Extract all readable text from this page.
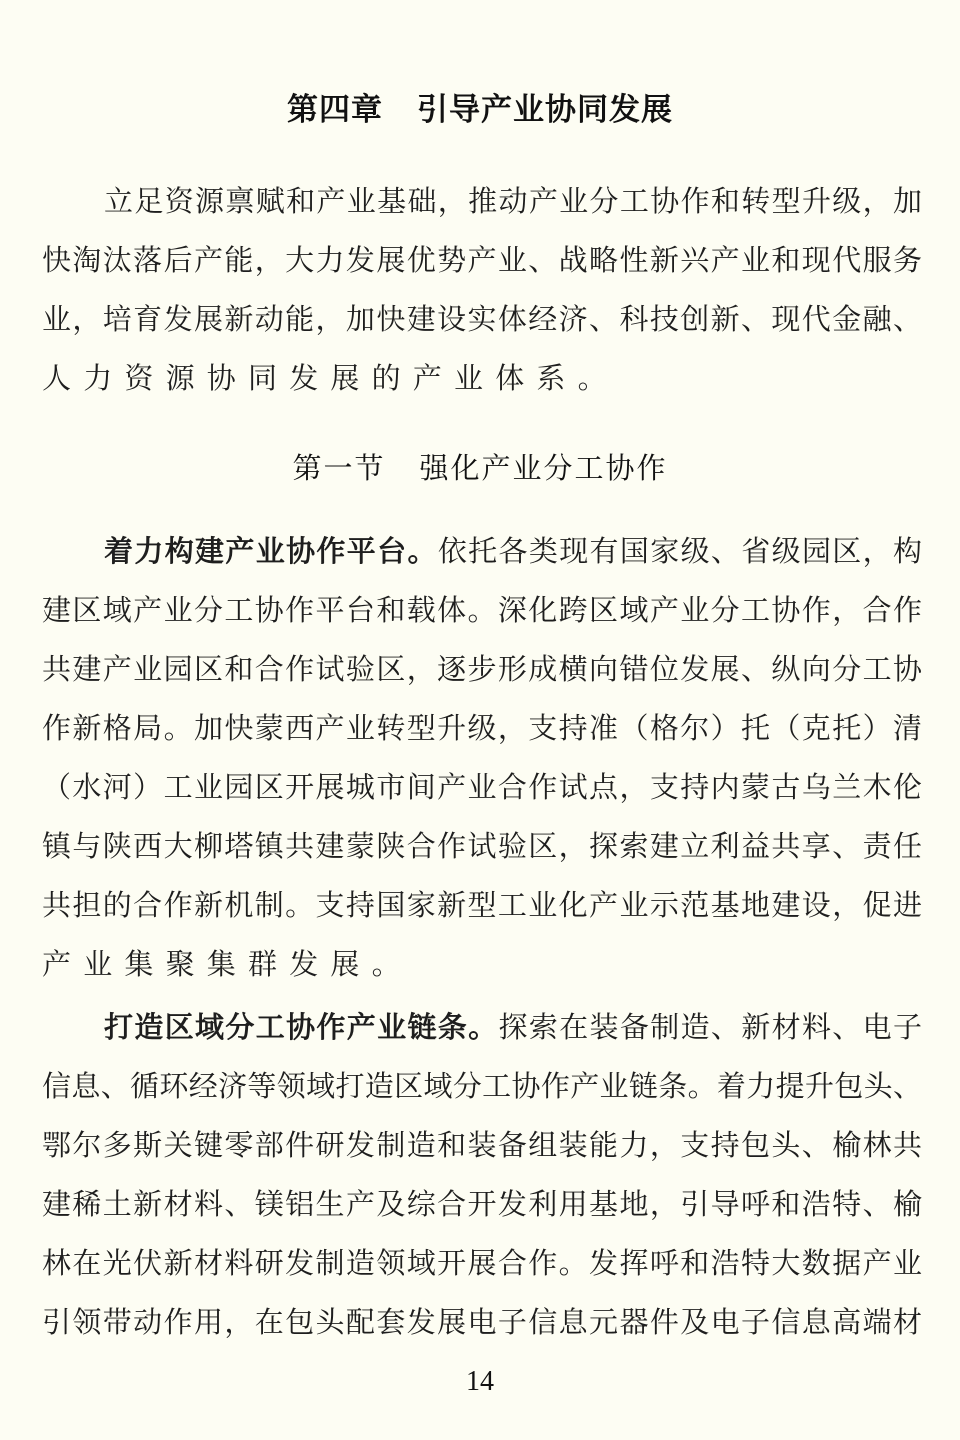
第四章 引导产业协同发展
立足资源禀赋和产业基础，推动产业分工协作和转型升级，加
快淘汰落后产能，大力发展优势产业、战略性新兴产业和现代服务
业，培育发展新动能，加快建设实体经济、科技创新、现代金融、
人力资源协同发展的产业体系。
第一节 强化产业分工协作
着力构建产业协作平台。依托各类现有国家级、省级园区，构
建区域产业分工协作平台和载体。深化跨区域产业分工协作，合作
共建产业园区和合作试验区，逐步形成横向错位发展、纵向分工协
作新格局。加快蒙西产业转型升级，支持准（格尔）托（克托）清
（水河）工业园区开展城市间产业合作试点，支持内蒙古乌兰木伦
镇与陕西大柳塔镇共建蒙陕合作试验区，探索建立利益共享、责任
共担的合作新机制。支持国家新型工业化产业示范基地建设，促进
产业集聚集群发展。
打造区域分工协作产业链条。探索在装备制造、新材料、电子
信息、循环经济等领域打造区域分工协作产业链条。着力提升包头、
鄂尔多斯关键零部件研发制造和装备组装能力，支持包头、榆林共
建稀土新材料、镁铝生产及综合开发利用基地，引导呼和浩特、榆
林在光伏新材料研发制造领域开展合作。发挥呼和浩特大数据产业
引领带动作用，在包头配套发展电子信息元器件及电子信息高端材
14
